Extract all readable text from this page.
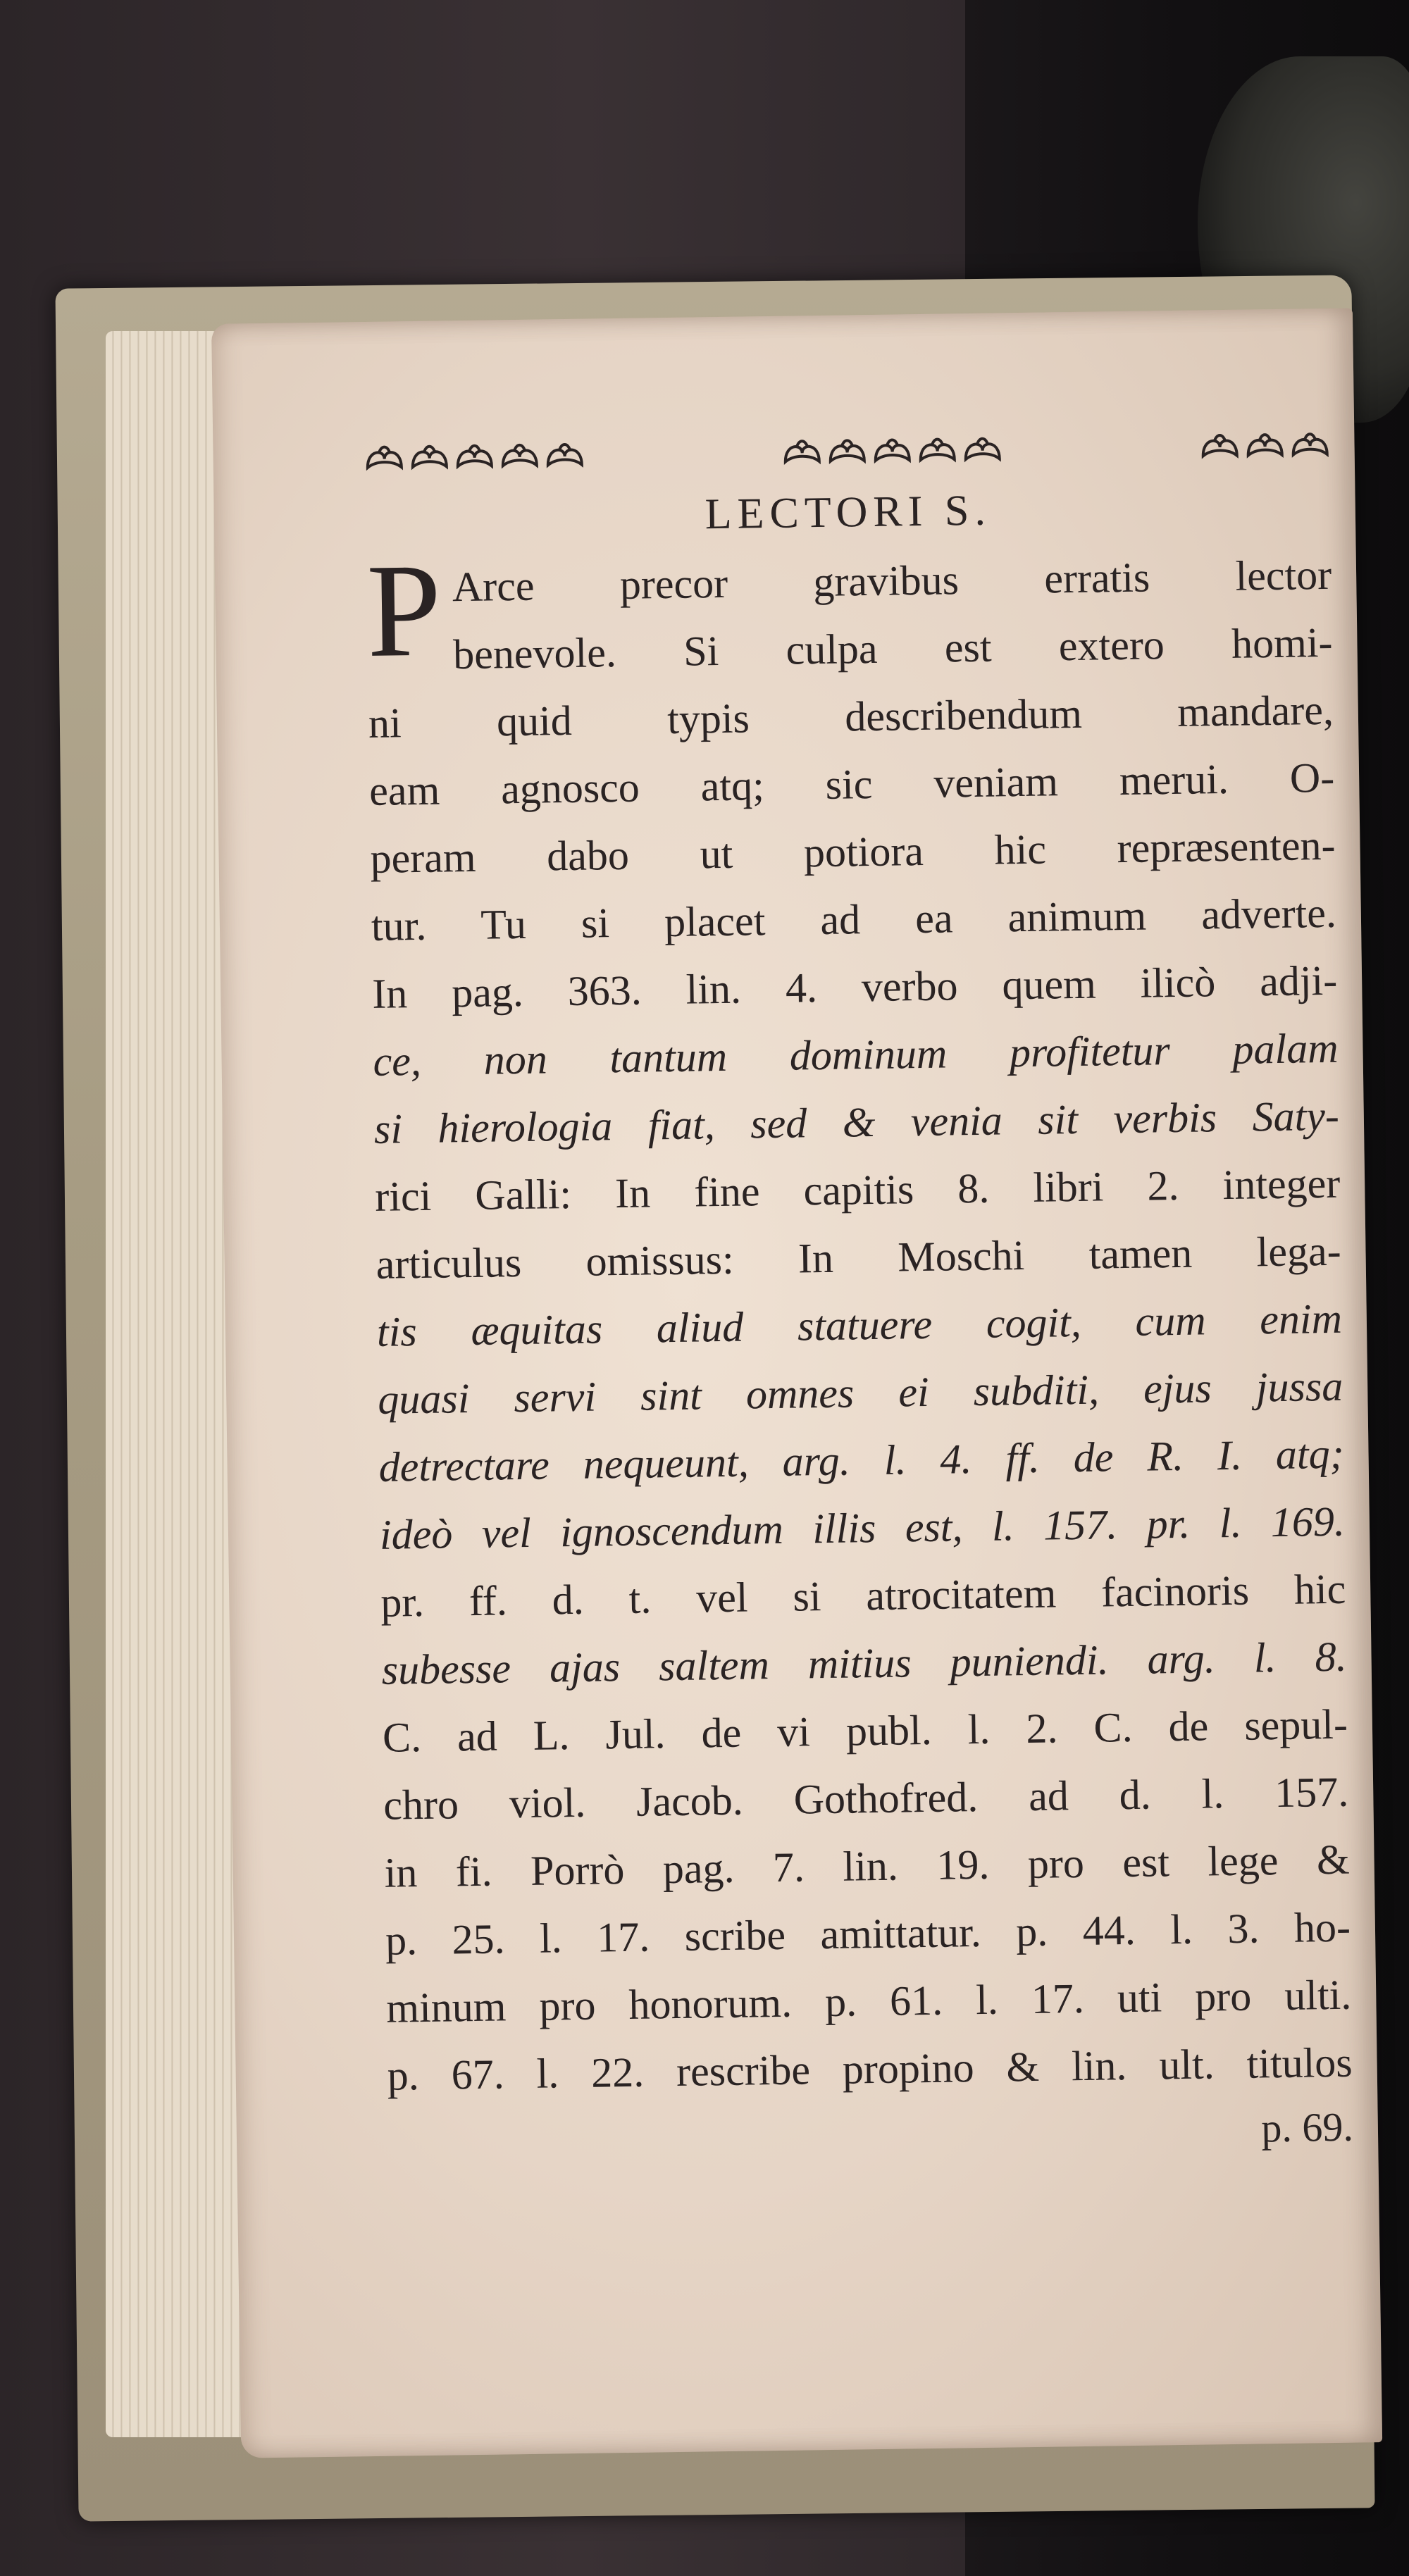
LECTORI S.
P Arce precor gravibus erratis lector
benevole. Si culpa est extero homi-
ni quid typis describendum mandare,
eam agnosco atq; sic veniam merui. O-
peram dabo ut potiora hic repræsenten-
tur. Tu si placet ad ea animum adverte.
In pag. 363. lin. 4. verbo quem ilicò adji-
ce, non tantum dominum profitetur palam
si hierologia fiat, sed & venia sit verbis Saty-
rici Galli: In fine capitis 8. libri 2. integer
articulus omissus: In Moschi tamen lega-
tis æquitas aliud statuere cogit, cum enim
quasi servi sint omnes ei subditi, ejus jussa
detrectare nequeunt, arg. l. 4. ff. de R. I. atq;
ideò vel ignoscendum illis est, l. 157. pr. l. 169.
pr. ff. d. t. vel si atrocitatem facinoris hic
subesse ajas saltem mitius puniendi. arg. l. 8.
C. ad L. Jul. de vi publ. l. 2. C. de sepul-
chro viol. Jacob. Gothofred. ad d. l. 157.
in fi. Porrò pag. 7. lin. 19. pro est lege &
p. 25. l. 17. scribe amittatur. p. 44. l. 3. ho-
minum pro honorum. p. 61. l. 17. uti pro ulti.
p. 67. l. 22. rescribe propino & lin. ult. titulos
p. 69.
